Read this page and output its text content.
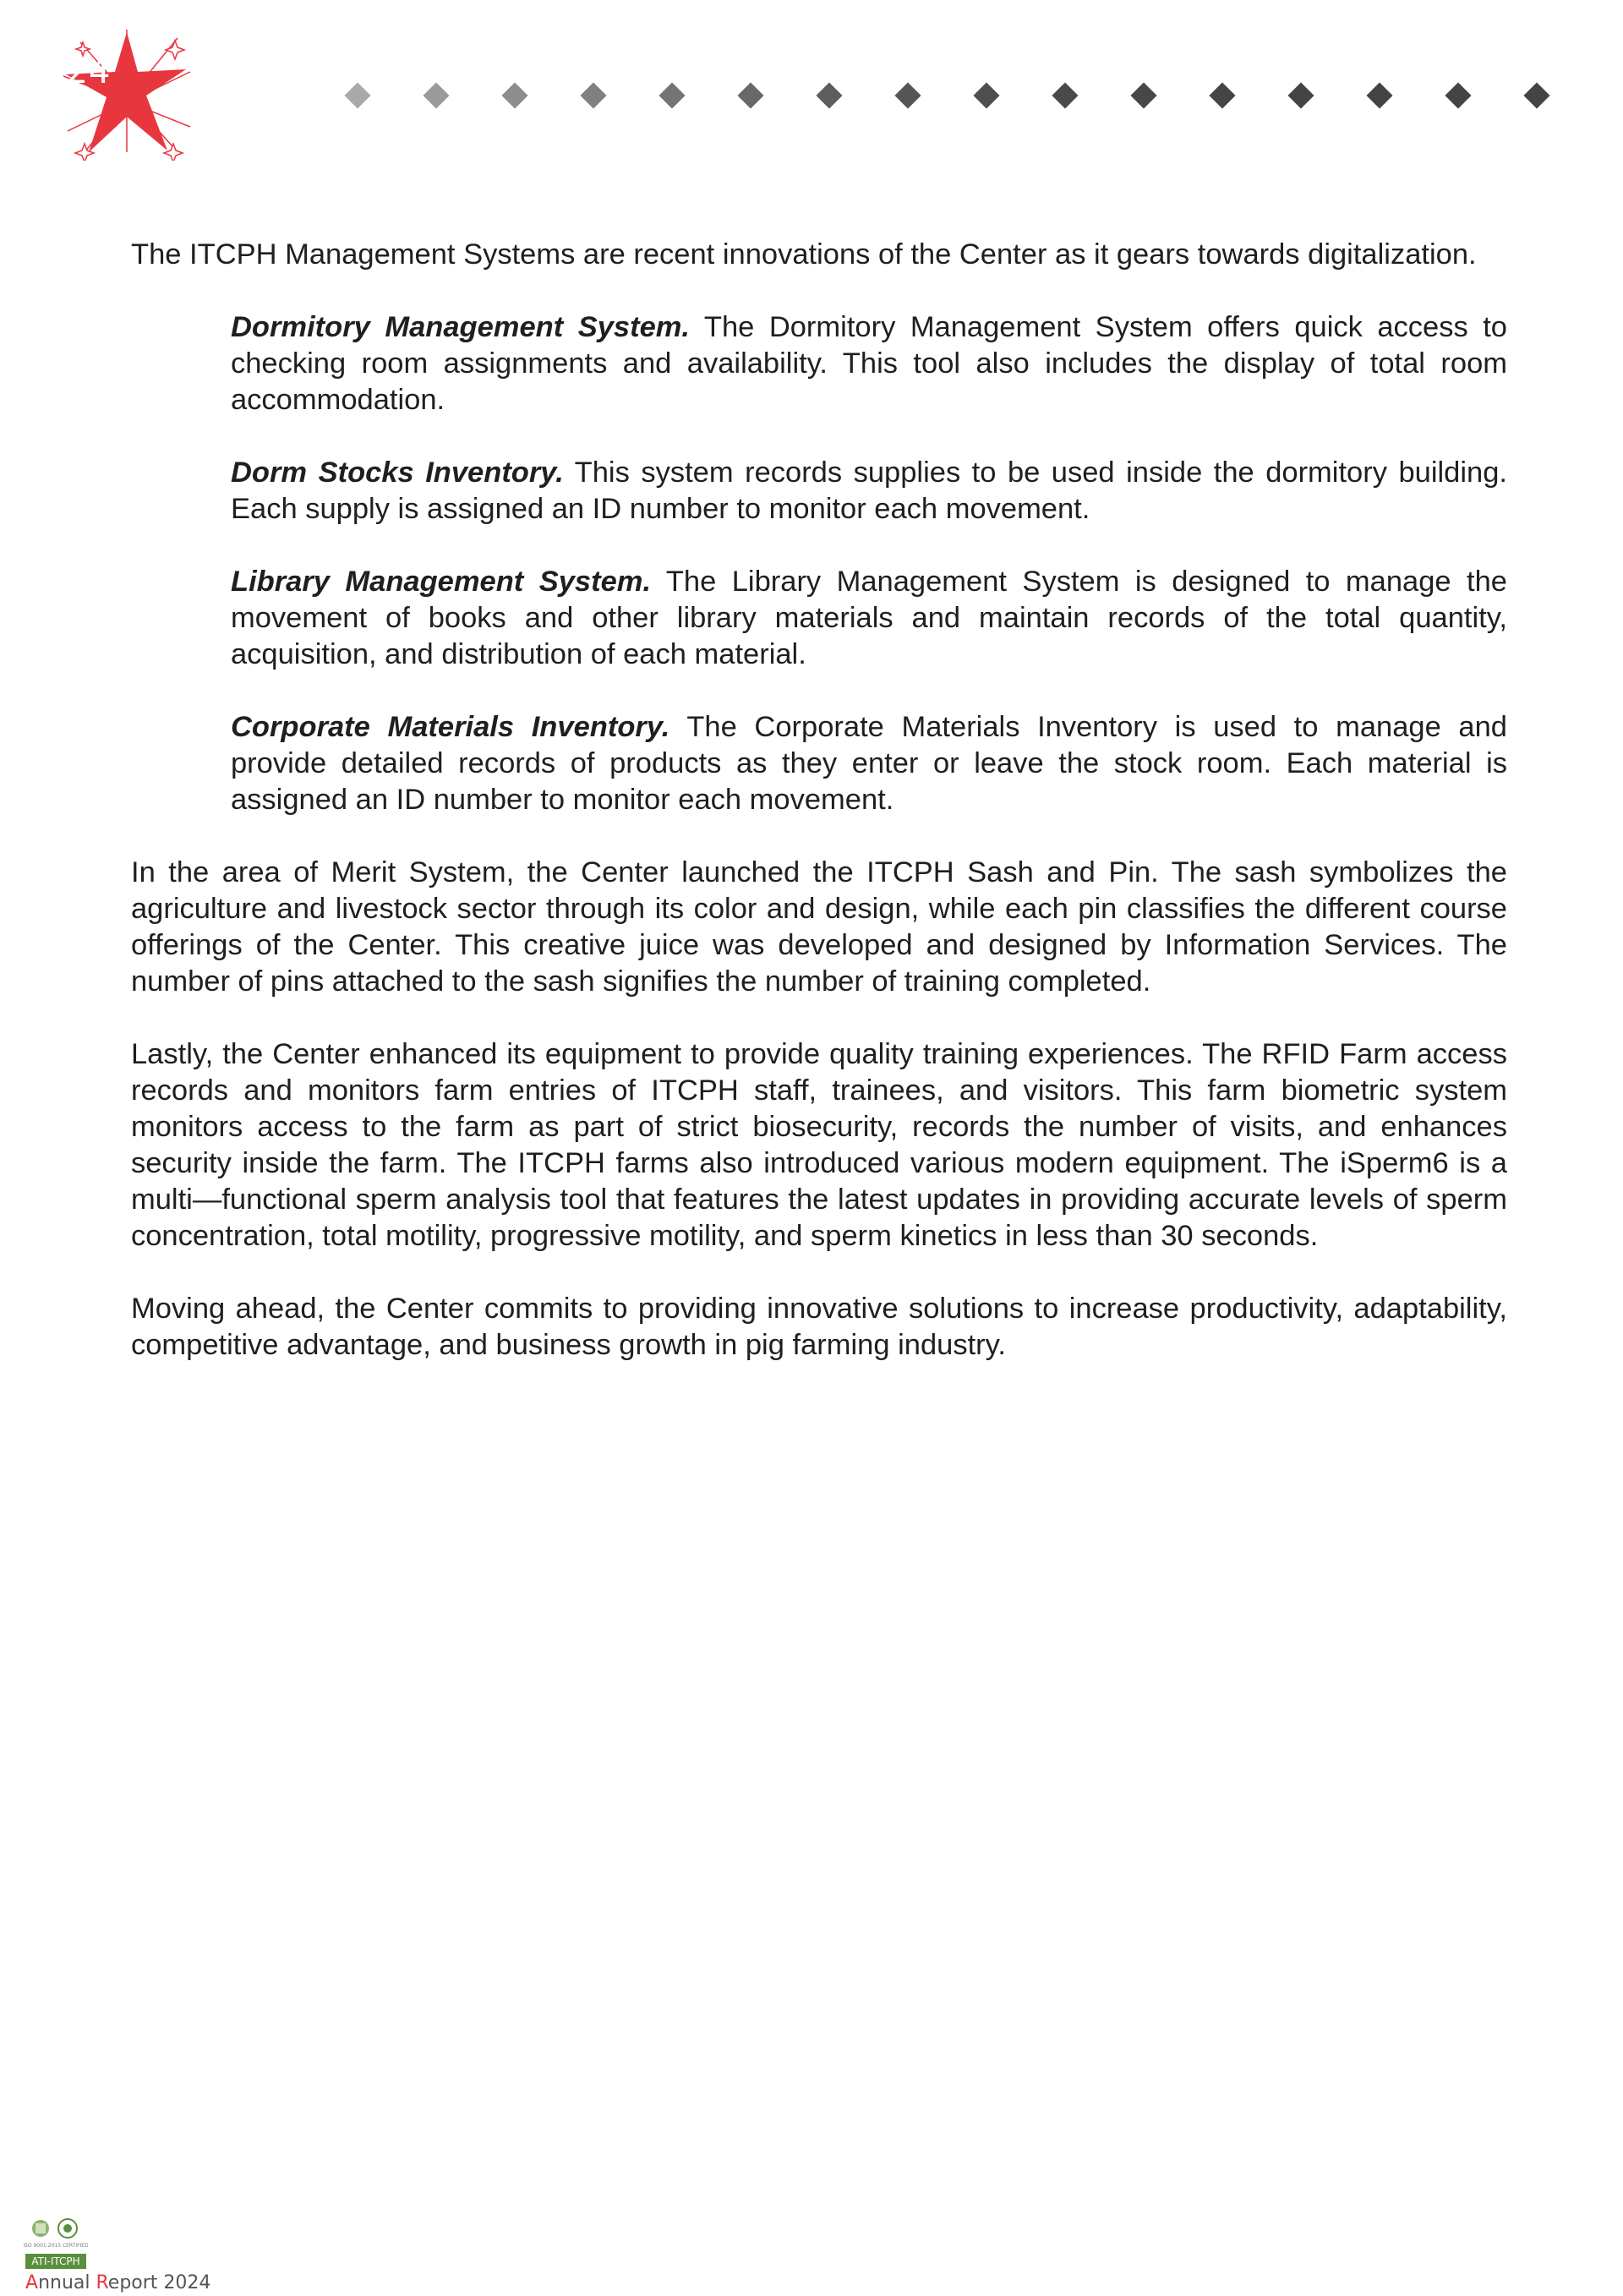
24

The ITCPH Management Systems are recent innovations of the Center as it gears towards digitalization.

Dormitory Management System. The Dormitory Management System offers quick access to checking room assignments and availability. This tool also includes the display of total room accommodation.

Dorm Stocks Inventory. This system records supplies to be used inside the dormitory building. Each supply is assigned an ID number to monitor each movement.

Library Management System. The Library Management System is designed to manage the movement of books and other library materials and maintain records of the total quantity, acquisition, and distribution of each material.

Corporate Materials Inventory. The Corporate Materials Inventory is used to manage and provide detailed records of products as they enter or leave the stock room. Each material is assigned an ID number to monitor each movement.

In the area of Merit System, the Center launched the ITCPH Sash and Pin. The sash symbolizes the agriculture and livestock sector through its color and design, while each pin classifies the different course offerings of the Center. This creative juice was developed and designed by Information Services. The number of pins attached to the sash signifies the number of training completed.

Lastly, the Center enhanced its equipment to provide quality training experiences. The RFID Farm access records and monitors farm entries of ITCPH staff, trainees, and visitors. This farm biometric system monitors access to the farm as part of strict biosecurity, records the number of visits, and enhances security inside the farm. The ITCPH farms also introduced various modern equipment. The iSperm6 is a multi—functional sperm analysis tool that features the latest updates in providing accurate levels of sperm concentration, total motility, progressive motility, and sperm kinetics in less than 30 seconds.

Moving ahead, the Center commits to providing innovative solutions to increase productivity, adaptability, competitive advantage, and business growth in pig farming industry.

ISO 9001:2015 CERTIFIED
ATI-ITCPH
Annual Report 2024
